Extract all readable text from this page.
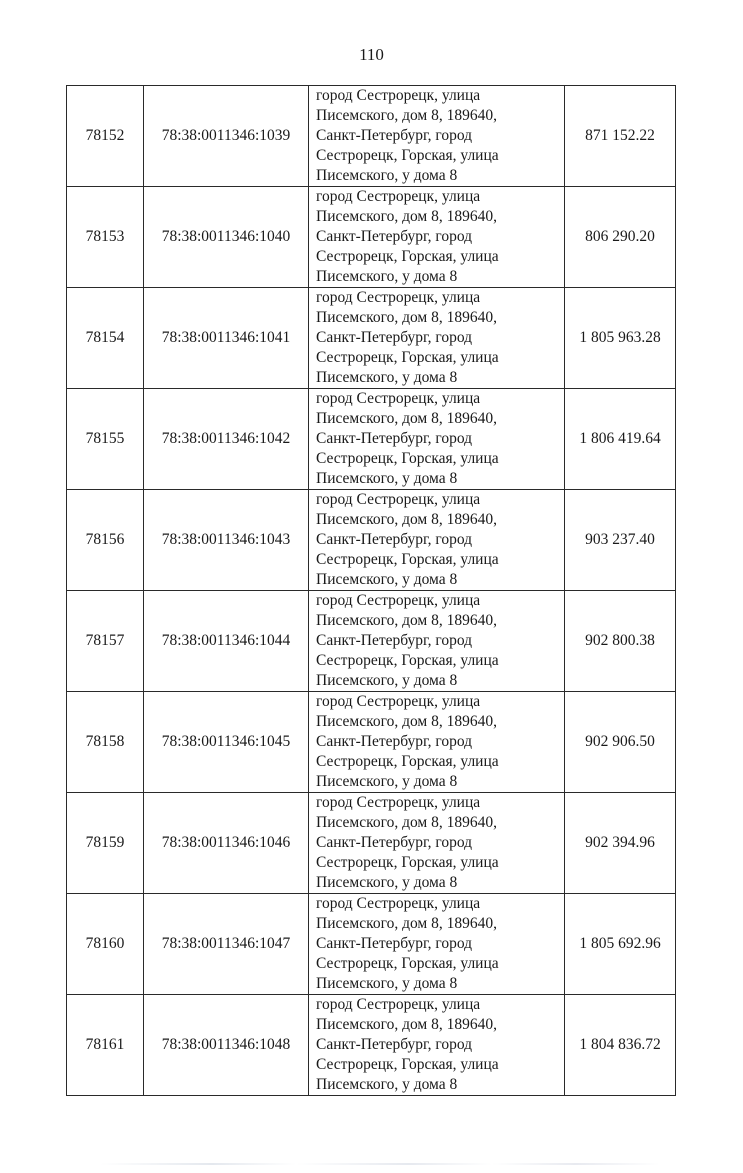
110
78152	78:38:0011346:1039	город Сестрорецк, улица
Писемского, дом 8, 189640,
Санкт-Петербург, город
Сестрорецк, Горская, улица
Писемского, у дома 8	871 152.22
78153	78:38:0011346:1040	город Сестрорецк, улица
Писемского, дом 8, 189640,
Санкт-Петербург, город
Сестрорецк, Горская, улица
Писемского, у дома 8	806 290.20
78154	78:38:0011346:1041	город Сестрорецк, улица
Писемского, дом 8, 189640,
Санкт-Петербург, город
Сестрорецк, Горская, улица
Писемского, у дома 8	1 805 963.28
78155	78:38:0011346:1042	город Сестрорецк, улица
Писемского, дом 8, 189640,
Санкт-Петербург, город
Сестрорецк, Горская, улица
Писемского, у дома 8	1 806 419.64
78156	78:38:0011346:1043	город Сестрорецк, улица
Писемского, дом 8, 189640,
Санкт-Петербург, город
Сестрорецк, Горская, улица
Писемского, у дома 8	903 237.40
78157	78:38:0011346:1044	город Сестрорецк, улица
Писемского, дом 8, 189640,
Санкт-Петербург, город
Сестрорецк, Горская, улица
Писемского, у дома 8	902 800.38
78158	78:38:0011346:1045	город Сестрорецк, улица
Писемского, дом 8, 189640,
Санкт-Петербург, город
Сестрорецк, Горская, улица
Писемского, у дома 8	902 906.50
78159	78:38:0011346:1046	город Сестрорецк, улица
Писемского, дом 8, 189640,
Санкт-Петербург, город
Сестрорецк, Горская, улица
Писемского, у дома 8	902 394.96
78160	78:38:0011346:1047	город Сестрорецк, улица
Писемского, дом 8, 189640,
Санкт-Петербург, город
Сестрорецк, Горская, улица
Писемского, у дома 8	1 805 692.96
78161	78:38:0011346:1048	город Сестрорецк, улица
Писемского, дом 8, 189640,
Санкт-Петербург, город
Сестрорецк, Горская, улица
Писемского, у дома 8	1 804 836.72
